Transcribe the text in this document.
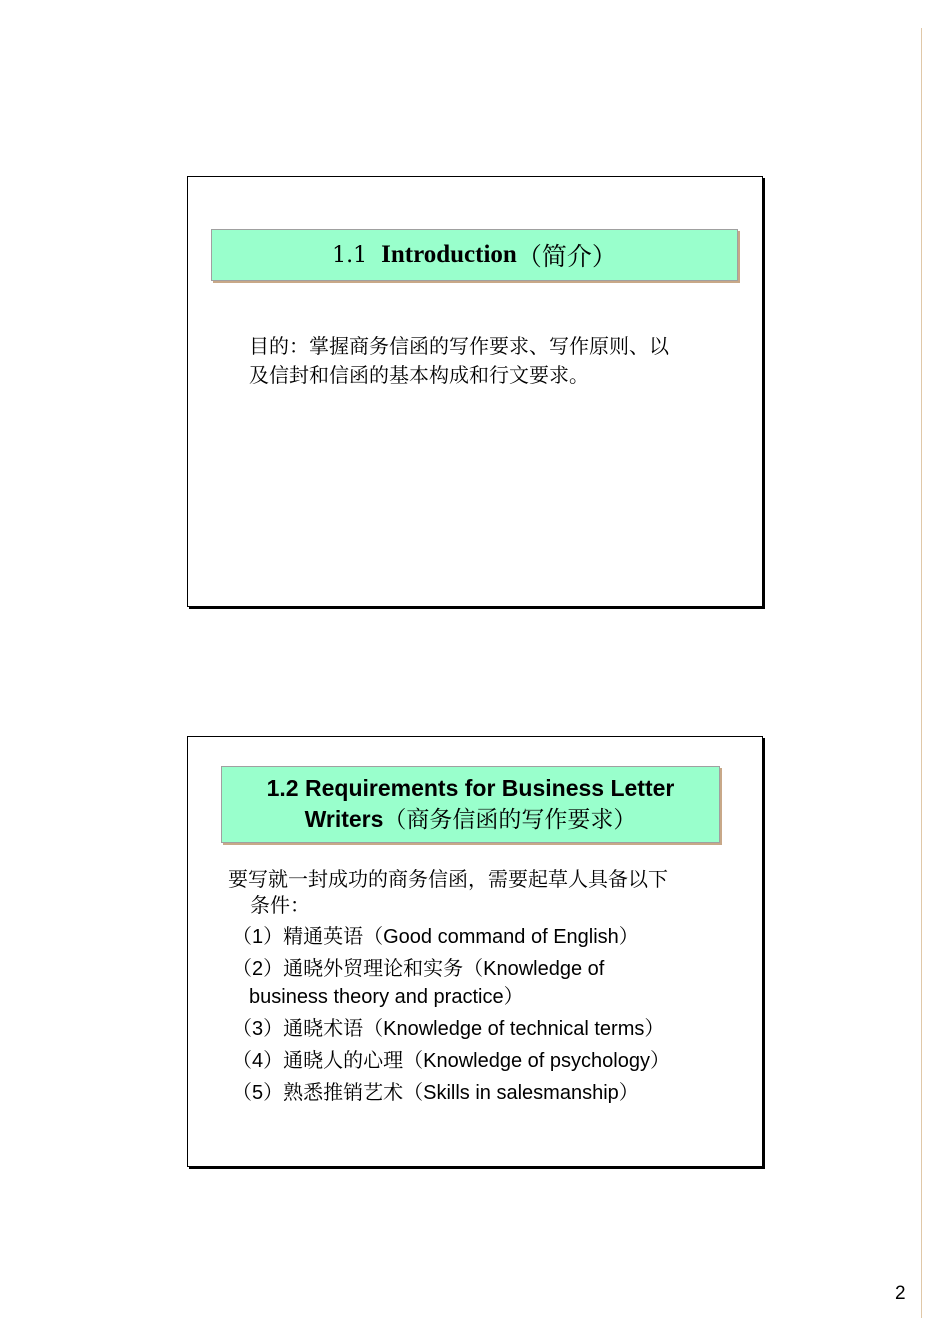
1.1 Introduction （简介）
目的：掌握商务信函的写作要求、写作原则、以
及信封和信函的基本构成和行文要求。
1.2 Requirements for Business Letter
Writers（商务信函的写作要求）
要写就一封成功的商务信函，需要起草人具备以下
条件：
（1）精通英语（Good command of English）
（2）通晓外贸理论和实务（Knowledge of
business theory and practice）
（3）通晓术语（Knowledge of technical terms）
（4）通晓人的心理（Knowledge of psychology）
（5）熟悉推销艺术（Skills in salesmanship）
2
